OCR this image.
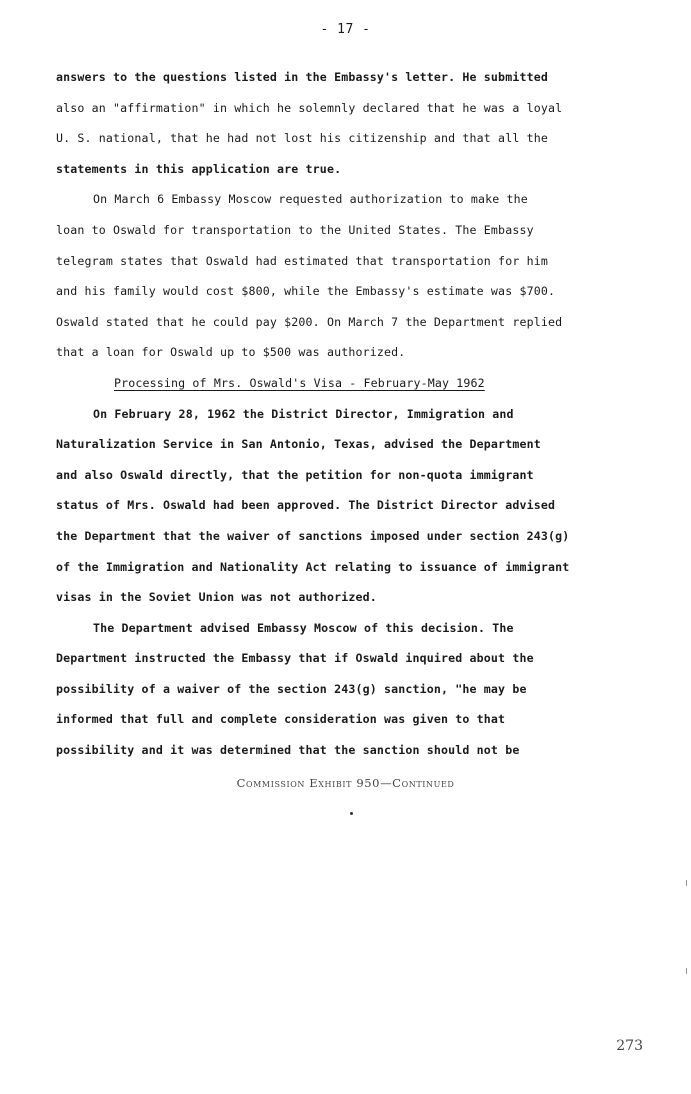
- 17 -
answers to the questions listed in the Embassy's letter. He submitted
also an "affirmation" in which he solemnly declared that he was a loyal
U. S. national, that he had not lost his citizenship and that all the
statements in this application are true.
On March 6 Embassy Moscow requested authorization to make the
loan to Oswald for transportation to the United States. The Embassy
telegram states that Oswald had estimated that transportation for him
and his family would cost $800, while the Embassy's estimate was $700.
Oswald stated that he could pay $200. On March 7 the Department replied
that a loan for Oswald up to $500 was authorized.
Processing of Mrs. Oswald's Visa - February-May 1962
On February 28, 1962 the District Director, Immigration and
Naturalization Service in San Antonio, Texas, advised the Department
and also Oswald directly, that the petition for non-quota immigrant
status of Mrs. Oswald had been approved. The District Director advised
the Department that the waiver of sanctions imposed under section 243(g)
of the Immigration and Nationality Act relating to issuance of immigrant
visas in the Soviet Union was not authorized.
The Department advised Embassy Moscow of this decision. The
Department instructed the Embassy that if Oswald inquired about the
possibility of a waiver of the section 243(g) sanction, "he may be
informed that full and complete consideration was given to that
possibility and it was determined that the sanction should not be
Commission Exhibit 950—Continued
273
